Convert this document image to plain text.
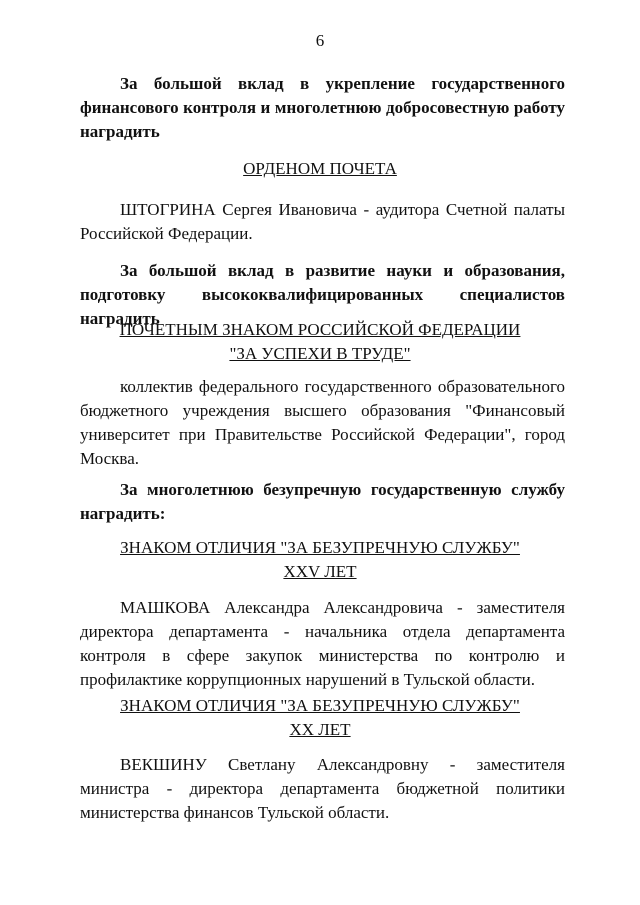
6
За большой вклад в укрепление государственного финансового контроля и многолетнюю добросовестную работу наградить
ОРДЕНОМ ПОЧЕТА
ШТОГРИНА Сергея Ивановича - аудитора Счетной палаты Российской Федерации.
За большой вклад в развитие науки и образования, подготовку высококвалифицированных специалистов наградить
ПОЧЕТНЫМ ЗНАКОМ РОССИЙСКОЙ ФЕДЕРАЦИИ
"ЗА УСПЕХИ В ТРУДЕ"
коллектив федерального государственного образовательного бюджетного учреждения высшего образования "Финансовый университет при Правительстве Российской Федерации", город Москва.
За многолетнюю безупречную государственную службу наградить:
ЗНАКОМ ОТЛИЧИЯ "ЗА БЕЗУПРЕЧНУЮ СЛУЖБУ"
XXV ЛЕТ
МАШКОВА Александра Александровича - заместителя директора департамента - начальника отдела департамента контроля в сфере закупок министерства по контролю и профилактике коррупционных нарушений в Тульской области.
ЗНАКОМ ОТЛИЧИЯ "ЗА БЕЗУПРЕЧНУЮ СЛУЖБУ"
XX ЛЕТ
ВЕКШИНУ Светлану Александровну - заместителя министра - директора департамента бюджетной политики министерства финансов Тульской области.
